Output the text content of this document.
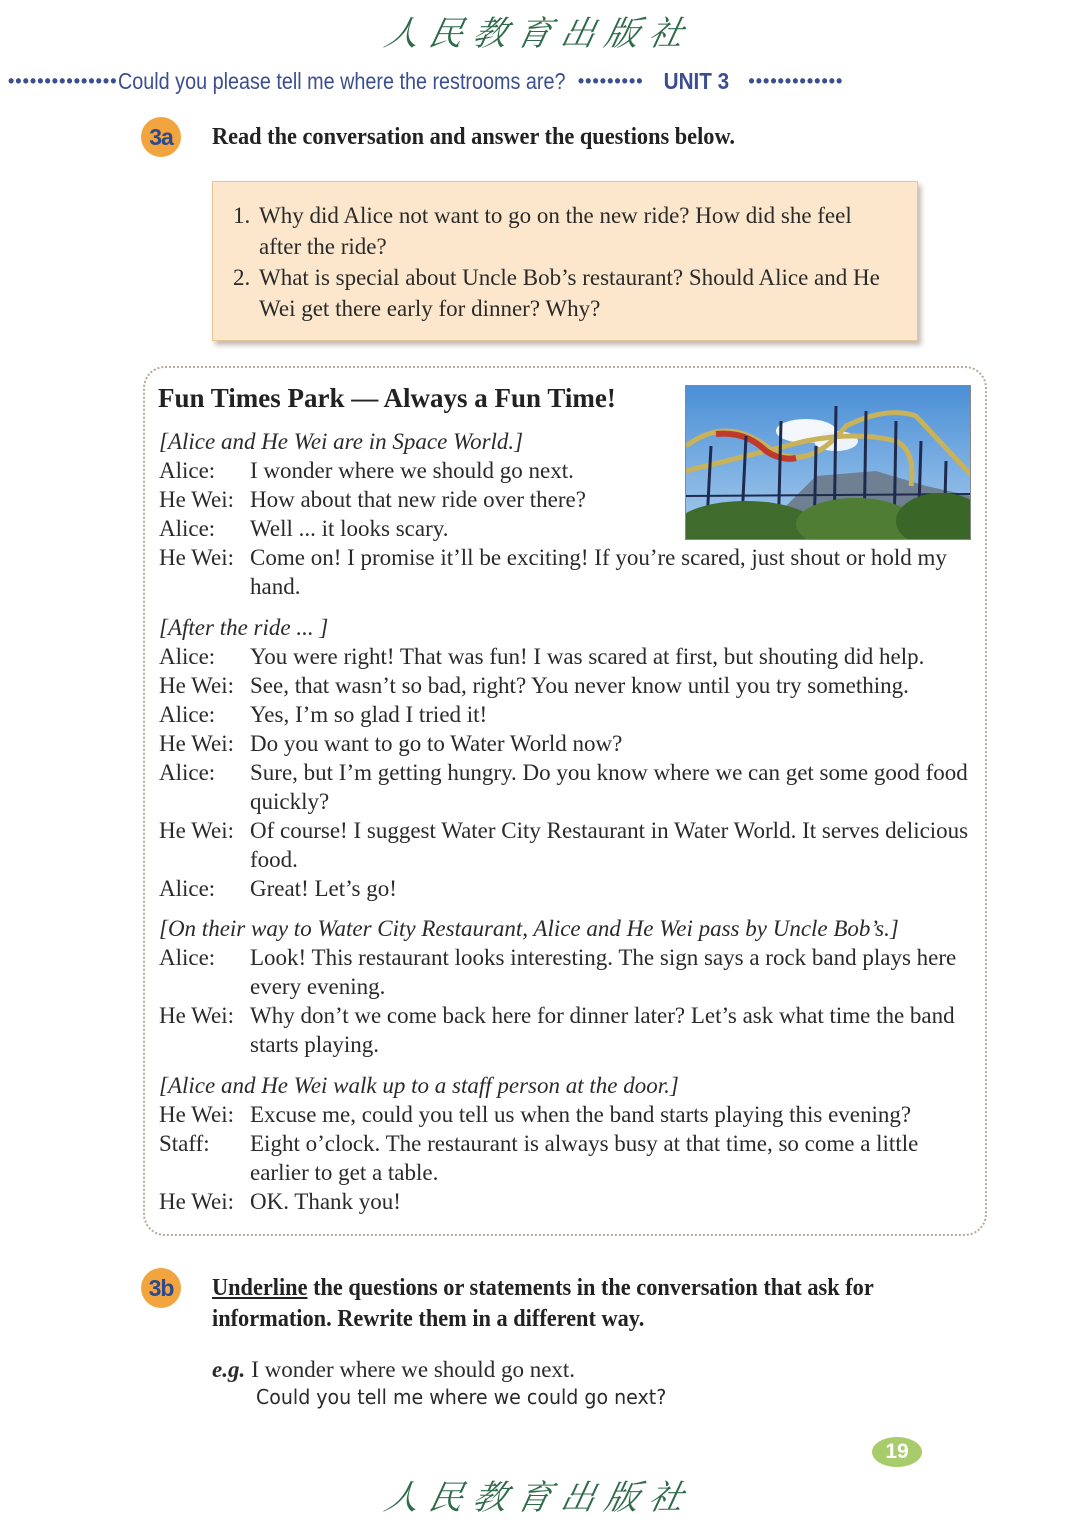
人民教育出版社
••••••••••••••• Could you please tell me where the restrooms are? ••••••••• UNIT 3 •••••••••••••
3a	Read the conversation and answer the questions below.
1. Why did Alice not want to go on the new ride? How did she feel after the ride?
2. What is special about Uncle Bob’s restaurant? Should Alice and He Wei get there early for dinner? Why?
Fun Times Park — Always a Fun Time!
[Alice and He Wei are in Space World.]
Alice:	I wonder where we should go next.
He Wei: How about that new ride over there?
Alice:	Well ... it looks scary.
He Wei: Come on! I promise it’ll be exciting! If you’re scared, just shout or hold my hand.
[After the ride ... ]
Alice:	You were right! That was fun! I was scared at first, but shouting did help.
He Wei: See, that wasn’t so bad, right? You never know until you try something.
Alice:	Yes, I’m so glad I tried it!
He Wei: Do you want to go to Water World now?
Alice:	Sure, but I’m getting hungry. Do you know where we can get some good food quickly?
He Wei: Of course! I suggest Water City Restaurant in Water World. It serves delicious food.
Alice:	Great! Let’s go!
[On their way to Water City Restaurant, Alice and He Wei pass by Uncle Bob’s.]
Alice:	Look! This restaurant looks interesting. The sign says a rock band plays here every evening.
He Wei: Why don’t we come back here for dinner later? Let’s ask what time the band starts playing.
[Alice and He Wei walk up to a staff person at the door.]
He Wei: Excuse me, could you tell us when the band starts playing this evening?
Staff:	Eight o’clock. The restaurant is always busy at that time, so come a little earlier to get a table.
He Wei: OK. Thank you!
3b	Underline the questions or statements in the conversation that ask for
information. Rewrite them in a different way.
e.g. I wonder where we should go next.
Could you tell me where we could go next?
19
人民教育出版社
